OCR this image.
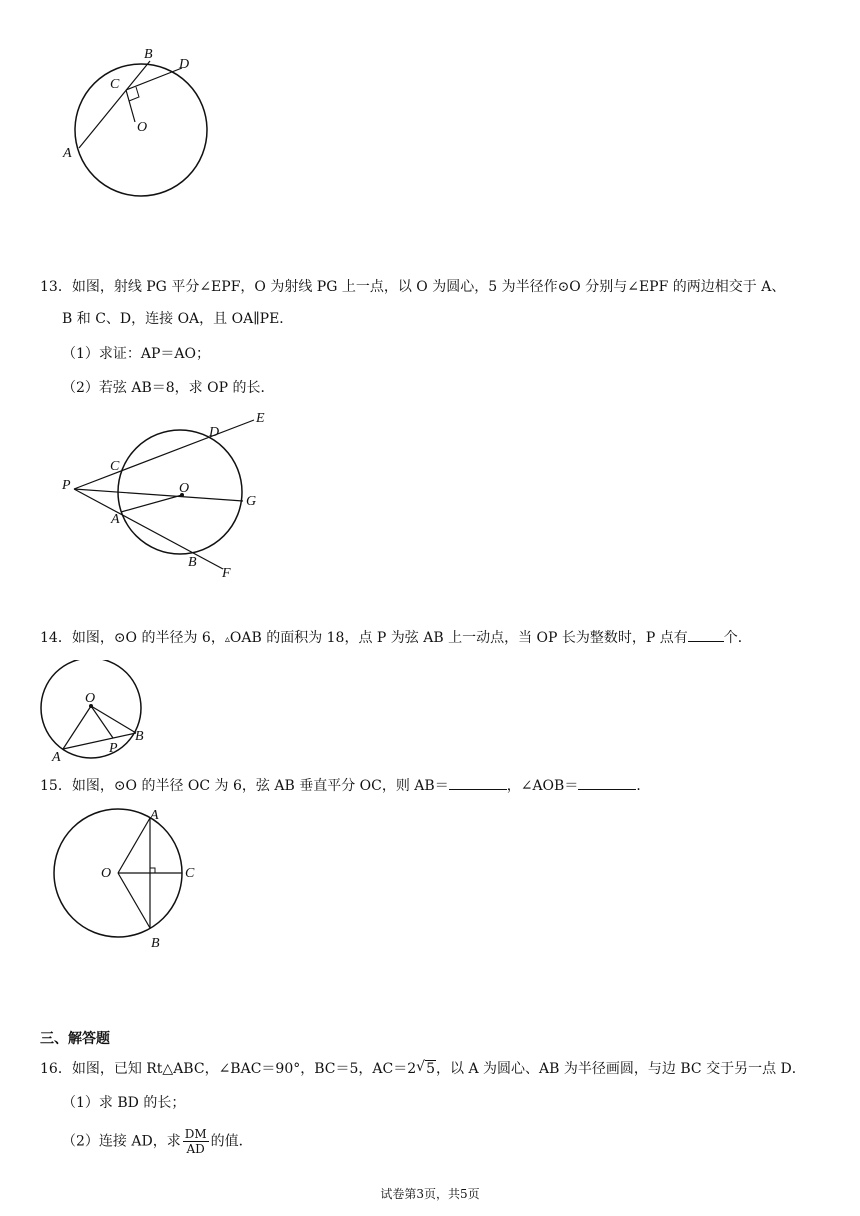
B
D
C
O
A
13．如图，射线 PG 平分∠EPF，O 为射线 PG 上一点，以 O 为圆心，5 为半径作⊙O 分别与∠EPF 的两边相交于 A、
B 和 C、D，连接 OA，且 OA∥PE．
（1）求证：AP＝AO；
（2）若弦 AB＝8，求 OP 的长．
E
D
C
P	O
G
A
B
F
14．如图，⊙O 的半径为 6，▵OAB 的面积为 18，点 P 为弦 AB 上一动点，当 OP 长为整数时，P 点有	个．
O
A
P
B
15．如图，⊙O 的半径 OC 为 6，弦 AB 垂直平分 OC，则 AB＝	，∠AOB＝	．
A
O	C
B
三、解答题
16．如图，已知 Rt△ABC，∠BAC＝90°，BC＝5，AC＝2√ 5，以 A 为圆心、AB 为半径画圆，与边 BC 交于另一点 D．
（1）求 BD 的长；
（2）连接 AD，求 $\frac{DM}{AD}$ 的值．
试卷第3页，共5页
